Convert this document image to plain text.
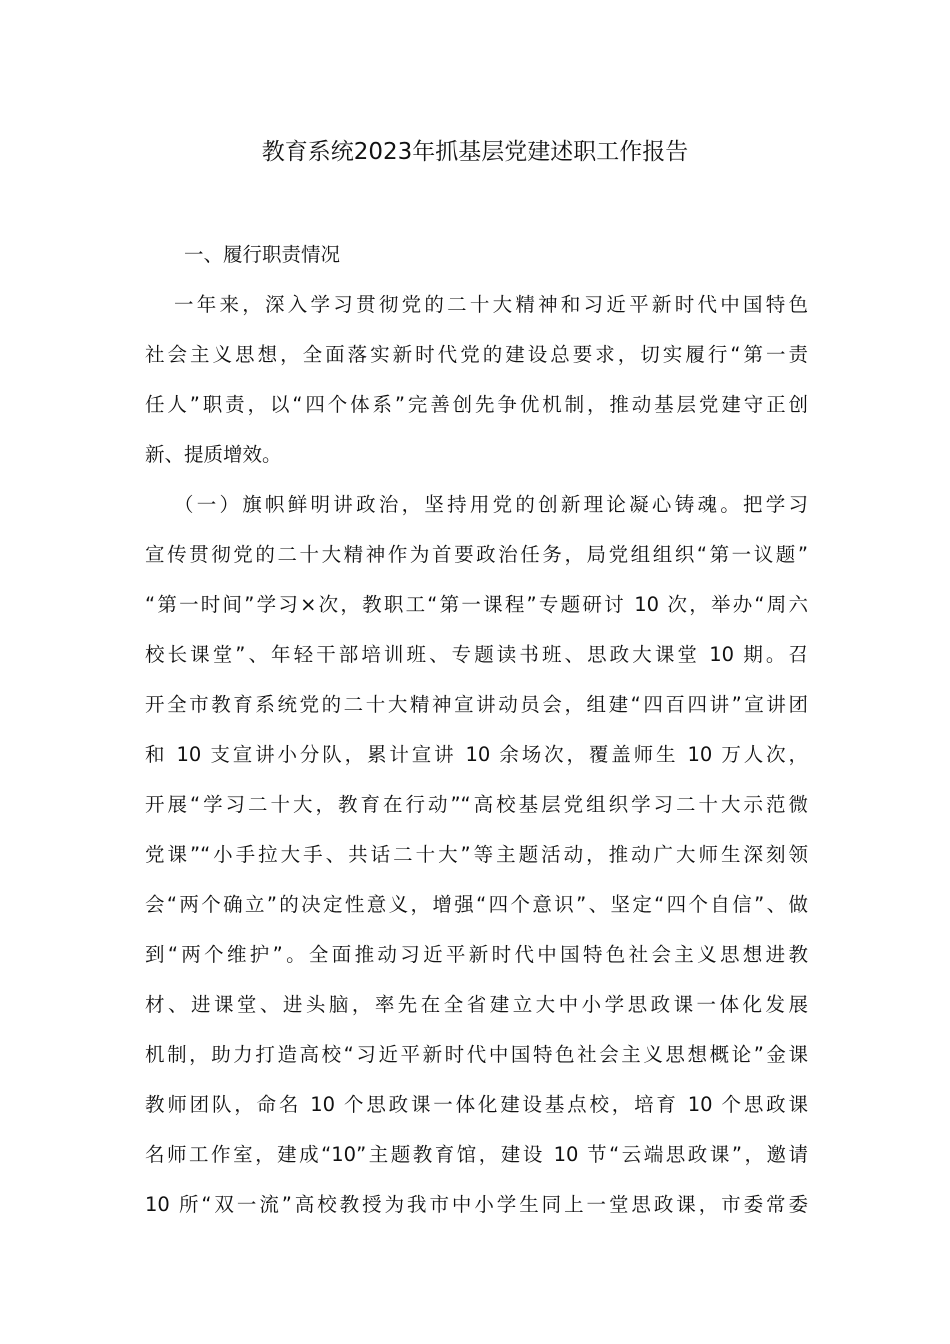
教育系统2023年抓基层党建述职工作报告

一、履行职责情况

一年来，深入学习贯彻党的二十大精神和习近平新时代中国特色
社会主义思想，全面落实新时代党的建设总要求，切实履行“第一责
任人”职责，以“四个体系”完善创先争优机制，推动基层党建守正创
新、提质增效。
（一）旗帜鲜明讲政治，坚持用党的创新理论凝心铸魂。把学习
宣传贯彻党的二十大精神作为首要政治任务，局党组组织“第一议题”
“第一时间”学习×次，教职工“第一课程”专题研讨 10 次，举办“周六
校长课堂”、年轻干部培训班、专题读书班、思政大课堂 10 期。召
开全市教育系统党的二十大精神宣讲动员会，组建“四百四讲”宣讲团
和 10 支宣讲小分队，累计宣讲 10 余场次，覆盖师生 10 万人次，
开展“学习二十大，教育在行动”“高校基层党组织学习二十大示范微
党课”“小手拉大手、共话二十大”等主题活动，推动广大师生深刻领
会“两个确立”的决定性意义，增强“四个意识”、坚定“四个自信”、做
到“两个维护”。全面推动习近平新时代中国特色社会主义思想进教
材、进课堂、进头脑，率先在全省建立大中小学思政课一体化发展
机制，助力打造高校“习近平新时代中国特色社会主义思想概论”金课
教师团队，命名 10 个思政课一体化建设基点校，培育 10 个思政课
名师工作室，建成“10”主题教育馆，建设 10 节“云端思政课”，邀请
10 所“双一流”高校教授为我市中小学生同上一堂思政课，市委常委
